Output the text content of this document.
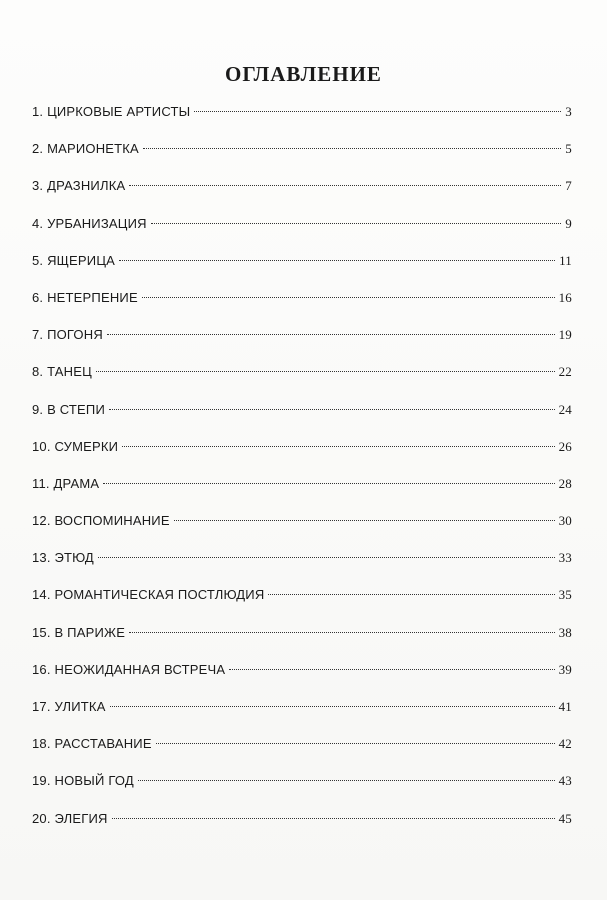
ОГЛАВЛЕНИЕ
1. ЦИРКОВЫЕ АРТИСТЫ	3
2. МАРИОНЕТКА	5
3. ДРАЗНИЛКА	7
4. УРБАНИЗАЦИЯ	9
5. ЯЩЕРИЦА	11
6. НЕТЕРПЕНИЕ	16
7. ПОГОНЯ	19
8. ТАНЕЦ	22
9. В СТЕПИ	24
10. СУМЕРКИ	26
11. ДРАМА	28
12. ВОСПОМИНАНИЕ	30
13. ЭТЮД	33
14. РОМАНТИЧЕСКАЯ ПОСТЛЮДИЯ	35
15. В ПАРИЖЕ	38
16. НЕОЖИДАННАЯ ВСТРЕЧА	39
17. УЛИТКА	41
18. РАССТАВАНИЕ	42
19. НОВЫЙ ГОД	43
20. ЭЛЕГИЯ	45
